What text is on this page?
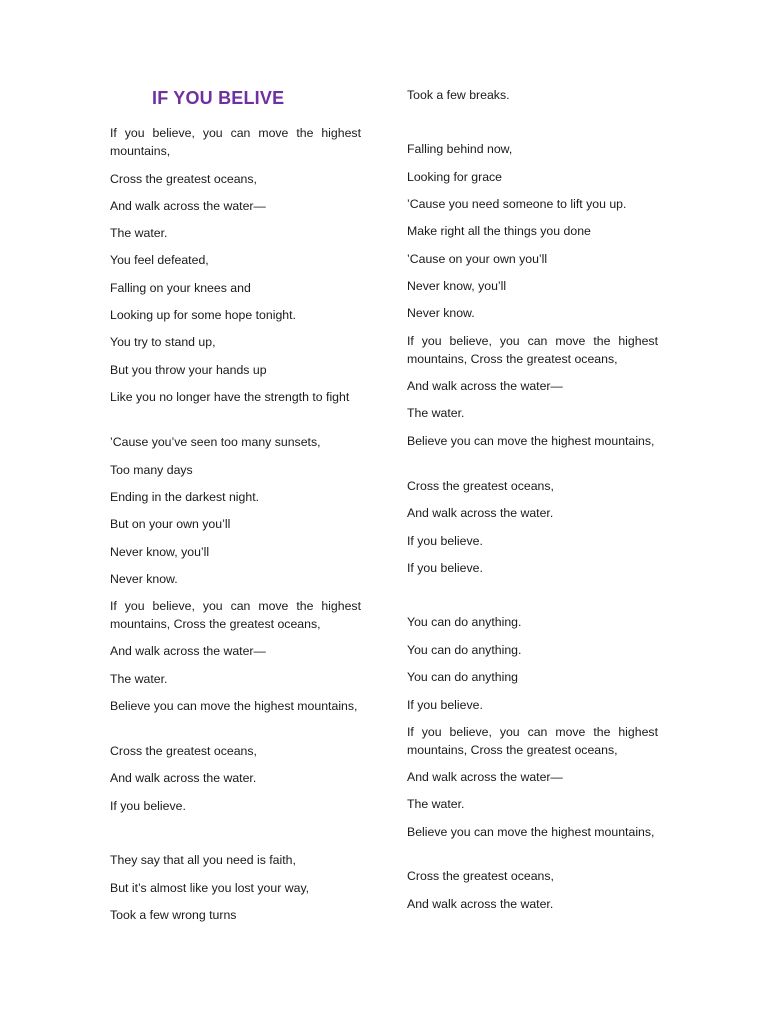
IF YOU BELIVE

If you believe, you can move the highest mountains,

Cross the greatest oceans,

And walk across the water—

The water.

You feel defeated,

Falling on your knees and

Looking up for some hope tonight.

You try to stand up,

But you throw your hands up

Like you no longer have the strength to fight

’Cause you’ve seen too many sunsets,

Too many days

Ending in the darkest night.

But on your own you’ll

Never know, you’ll

Never know.

If you believe, you can move the highest mountains, Cross the greatest oceans,

And walk across the water—

The water.

Believe you can move the highest mountains,

Cross the greatest oceans,

And walk across the water.

If you believe.

They say that all you need is faith,

But it’s almost like you lost your way,

Took a few wrong turns

Took a few breaks.

Falling behind now,

Looking for grace

’Cause you need someone to lift you up.

Make right all the things you done

’Cause on your own you’ll

Never know, you’ll

Never know.

If you believe, you can move the highest mountains, Cross the greatest oceans,

And walk across the water—

The water.

Believe you can move the highest mountains,

Cross the greatest oceans,

And walk across the water.

If you believe.

If you believe.

You can do anything.

You can do anything.

You can do anything

If you believe.

If you believe, you can move the highest mountains, Cross the greatest oceans,

And walk across the water—

The water.

Believe you can move the highest mountains,

Cross the greatest oceans,

And walk across the water.
